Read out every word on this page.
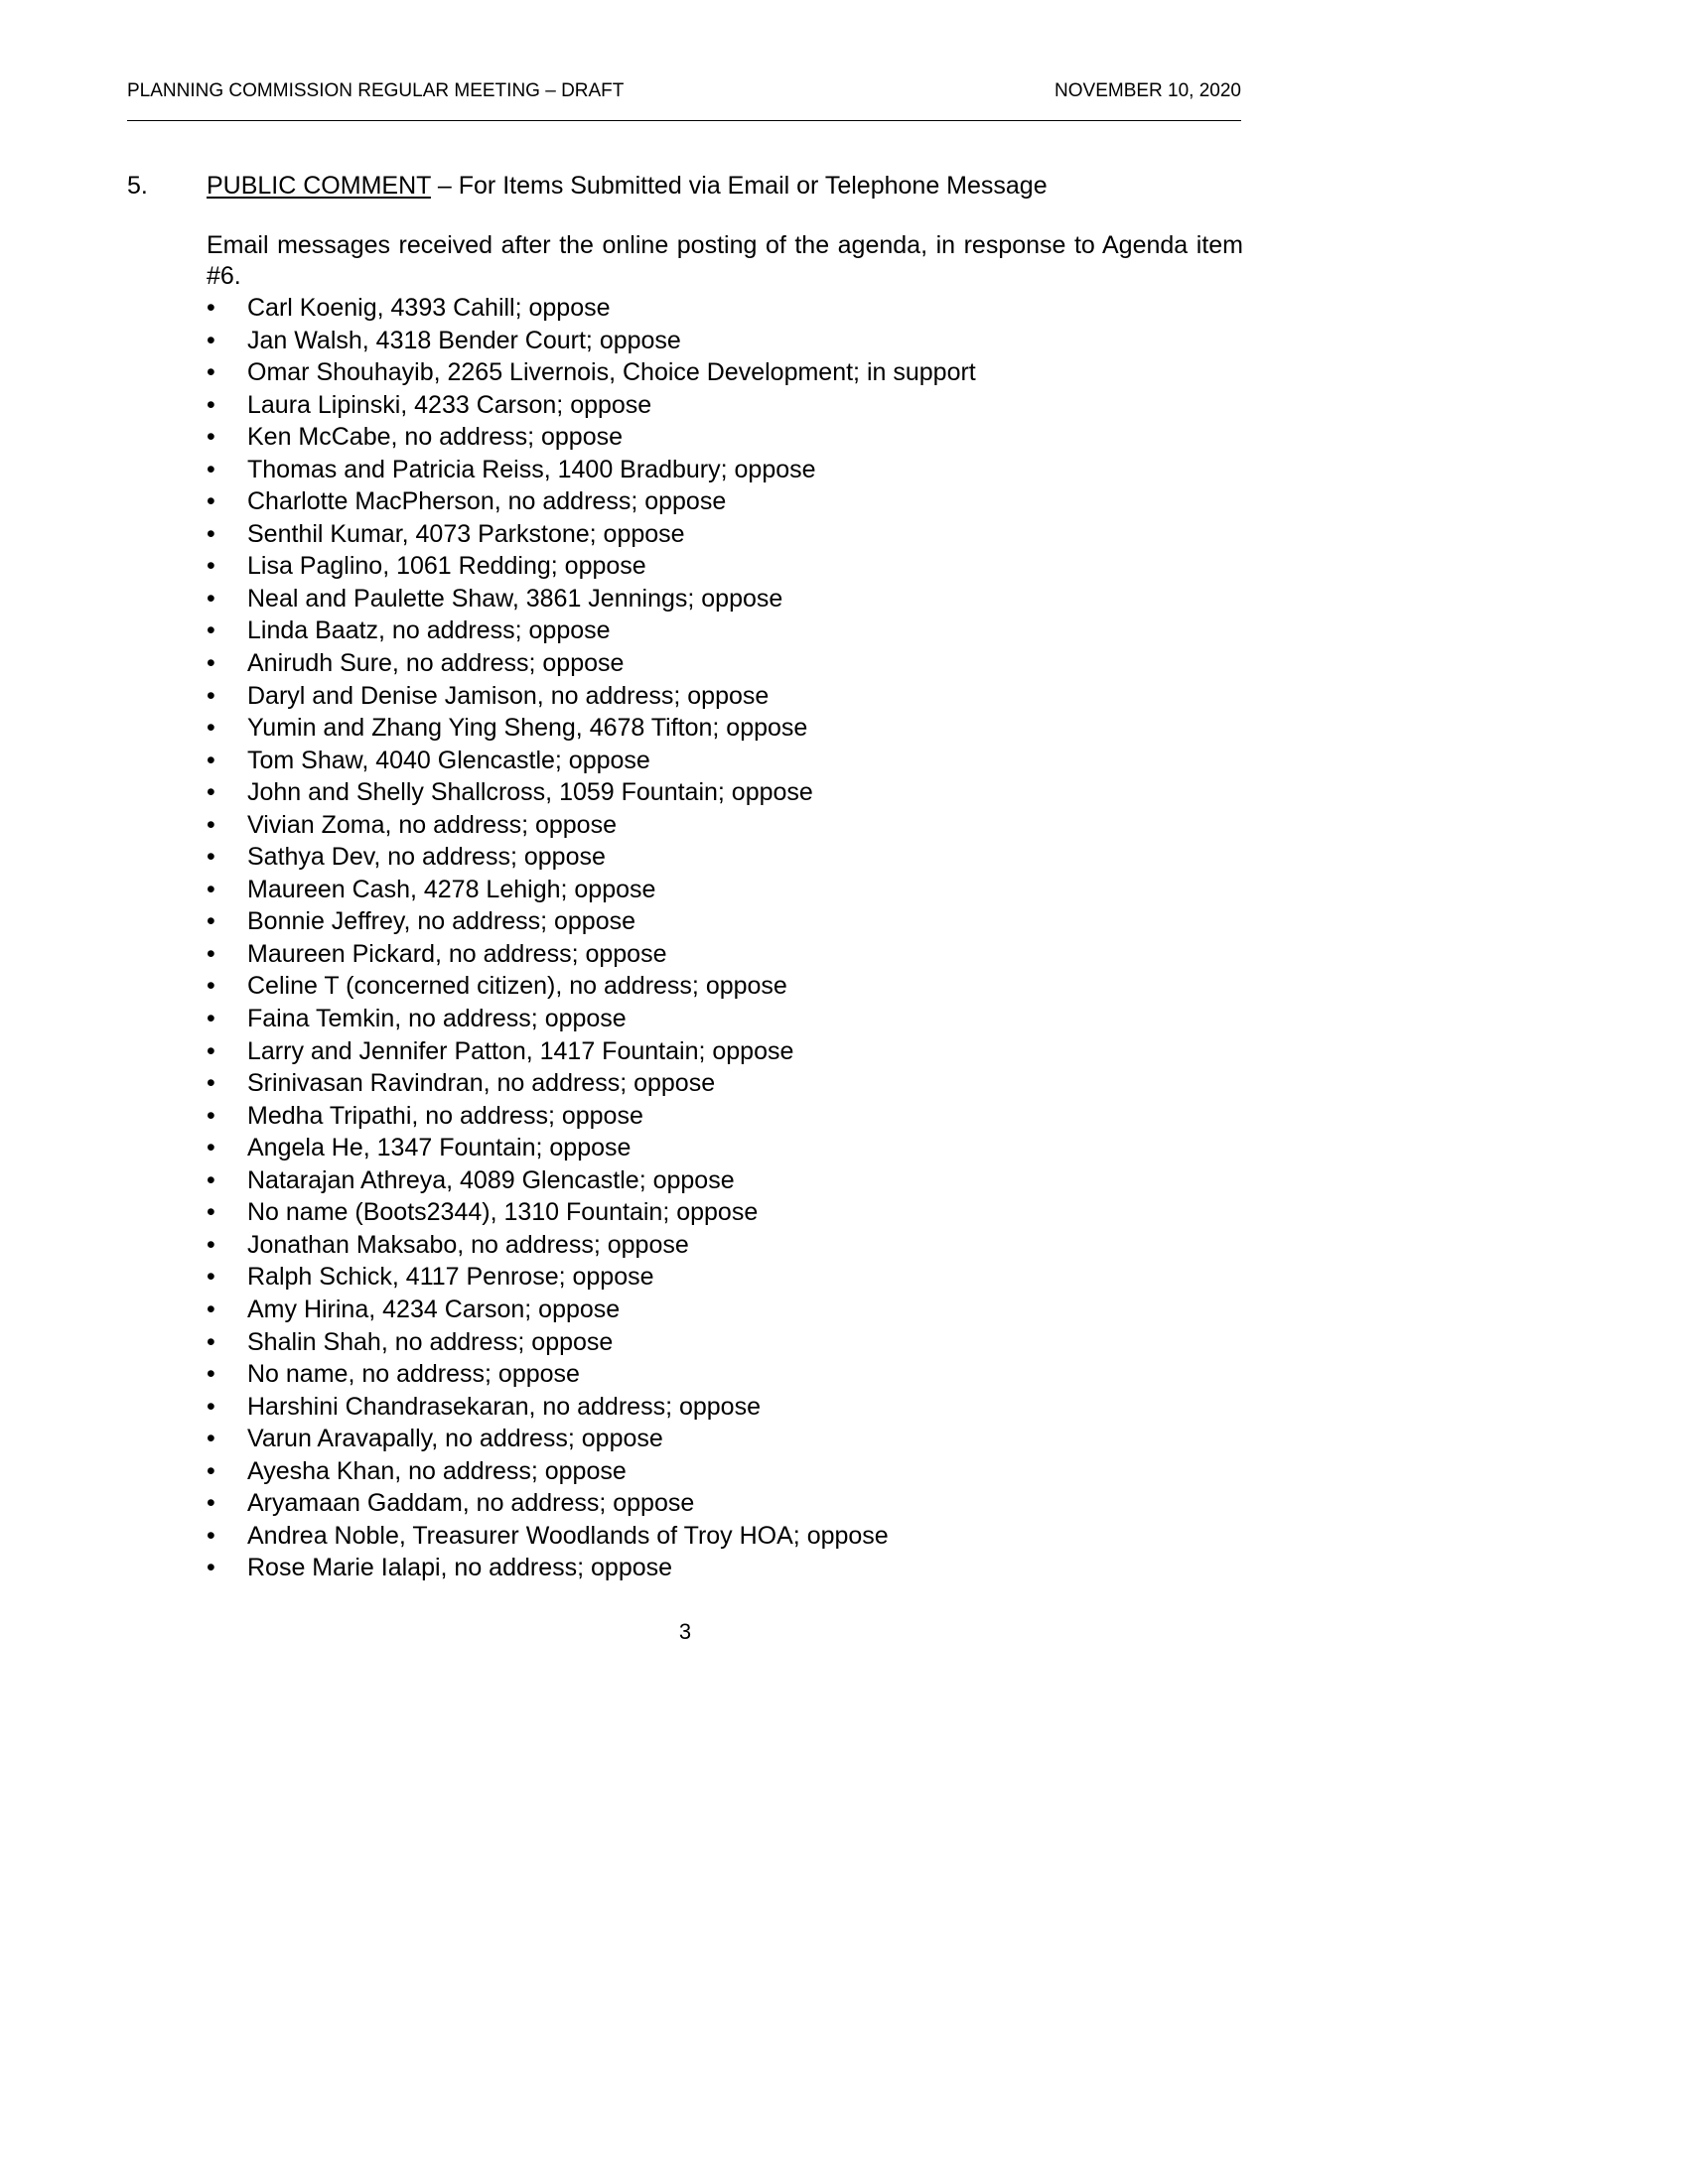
PLANNING COMMISSION REGULAR MEETING – DRAFT	NOVEMBER 10, 2020
5. PUBLIC COMMENT – For Items Submitted via Email or Telephone Message
Email messages received after the online posting of the agenda, in response to Agenda item #6.
•	Carl Koenig, 4393 Cahill; oppose
•	Jan Walsh, 4318 Bender Court; oppose
•	Omar Shouhayib, 2265 Livernois, Choice Development; in support
•	Laura Lipinski, 4233 Carson; oppose
•	Ken McCabe, no address; oppose
•	Thomas and Patricia Reiss, 1400 Bradbury; oppose
•	Charlotte MacPherson, no address; oppose
•	Senthil Kumar, 4073 Parkstone; oppose
•	Lisa Paglino, 1061 Redding; oppose
•	Neal and Paulette Shaw, 3861 Jennings; oppose
•	Linda Baatz, no address; oppose
•	Anirudh Sure, no address; oppose
•	Daryl and Denise Jamison, no address; oppose
•	Yumin and Zhang Ying Sheng, 4678 Tifton; oppose
•	Tom Shaw, 4040 Glencastle; oppose
•	John and Shelly Shallcross, 1059 Fountain; oppose
•	Vivian Zoma, no address; oppose
•	Sathya Dev, no address; oppose
•	Maureen Cash, 4278 Lehigh; oppose
•	Bonnie Jeffrey, no address; oppose
•	Maureen Pickard, no address; oppose
•	Celine T (concerned citizen), no address; oppose
•	Faina Temkin, no address; oppose
•	Larry and Jennifer Patton, 1417 Fountain; oppose
•	Srinivasan Ravindran, no address; oppose
•	Medha Tripathi, no address; oppose
•	Angela He, 1347 Fountain; oppose
•	Natarajan Athreya, 4089 Glencastle; oppose
•	No name (Boots2344), 1310 Fountain; oppose
•	Jonathan Maksabo, no address; oppose
•	Ralph Schick, 4117 Penrose; oppose
•	Amy Hirina, 4234 Carson; oppose
•	Shalin Shah, no address; oppose
•	No name, no address; oppose
•	Harshini Chandrasekaran, no address; oppose
•	Varun Aravapally, no address; oppose
•	Ayesha Khan, no address; oppose
•	Aryamaan Gaddam, no address; oppose
•	Andrea Noble, Treasurer Woodlands of Troy HOA; oppose
•	Rose Marie Ialapi, no address; oppose
3
